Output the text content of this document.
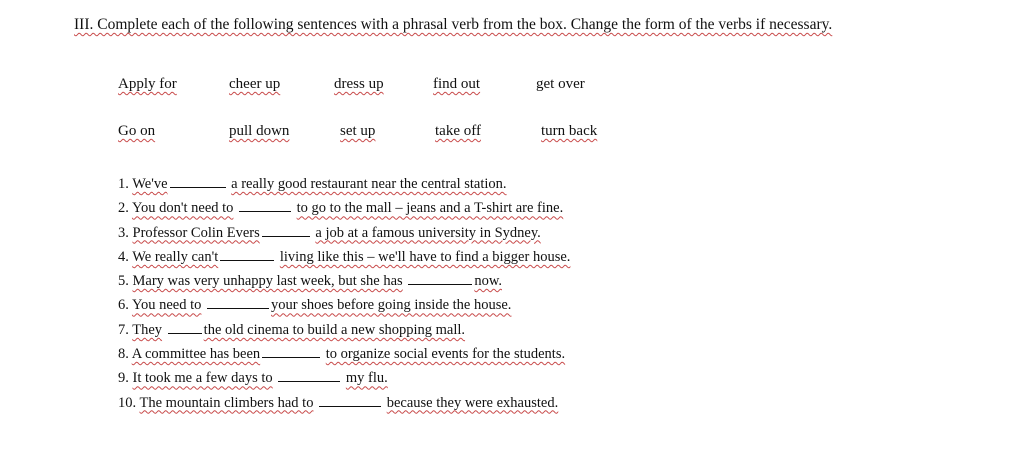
III. Complete each of the following sentences with a phrasal verb from the box. Change the form of the verbs if necessary.
Apply for	cheer up	dress up	find out	get over
Go on	pull down	set up	take off	turn back
1. We've	a really good restaurant near the central station.
2. You don't need to	to go to the mall – jeans and a T-shirt are fine.
3. Professor Colin Evers	a job at a famous university in Sydney.
4. We really can't	living like this – we'll have to find a bigger house.
5. Mary was very unhappy last week, but she has	now.
6. You need to	your shoes before going inside the house.
7. They	the old cinema to build a new shopping mall.
8. A committee has been	to organize social events for the students.
9. It took me a few days to	my flu.
10. The mountain climbers had to	because they were exhausted.
